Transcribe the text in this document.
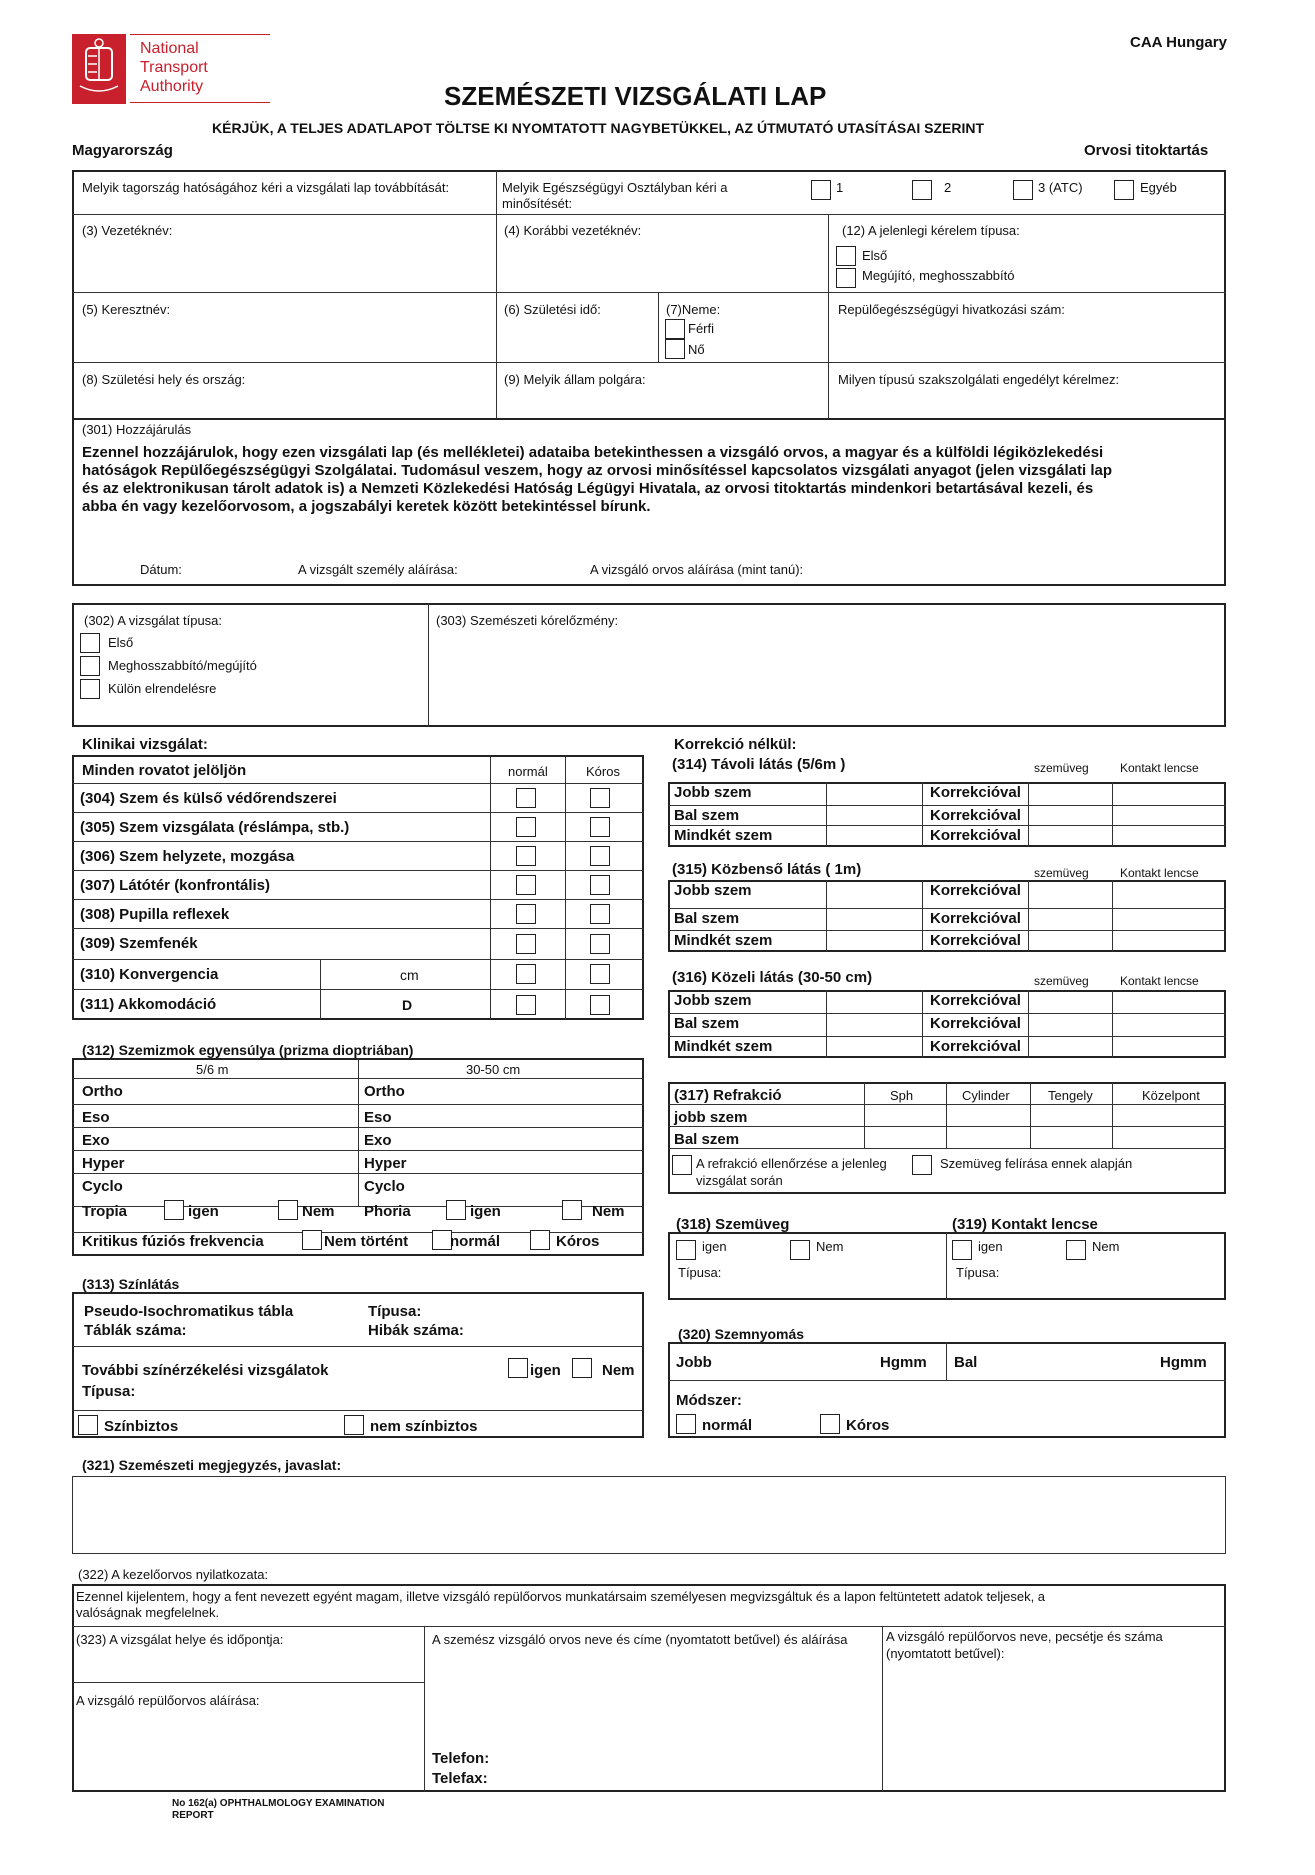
National
Transport
Authority
CAA Hungary
SZEMÉSZETI VIZSGÁLATI LAP
KÉRJÜK, A TELJES ADATLAPOT TÖLTSE KI NYOMTATOTT NAGYBETÜKKEL, AZ ÚTMUTATÓ UTASÍTÁSAI SZERINT
Magyarország	Orvosi titoktartás
Melyik tagország hatóságához kéri a vizsgálati lap továbbítását:	Melyik Egészségügyi Osztályban kéri a
minősítését:
1	2	3 (ATC)	Egyéb
(3) Vezetéknév:	(4) Korábbi vezetéknév:	(12) A jelenlegi kérelem típusa:
Első
Megújító, meghosszabbító
(5) Keresztnév:	(6) Születési idő:	(7)Neme:
Férfi
Nő
Repülőegészségügyi hivatkozási szám:
(8) Születési hely és ország:	(9) Melyik állam polgára:	Milyen típusú szakszolgálati engedélyt kérelmez:
(301) Hozzájárulás
Ezennel hozzájárulok, hogy ezen vizsgálati lap (és mellékletei) adataiba betekinthessen a vizsgáló orvos, a magyar és a külföldi légiközlekedési
hatóságok Repülőegészségügyi Szolgálatai. Tudomásul veszem, hogy az orvosi minősítéssel kapcsolatos vizsgálati anyagot (jelen vizsgálati lap
és az elektronikusan tárolt adatok is) a Nemzeti Közlekedési Hatóság Légügyi Hivatala, az orvosi titoktartás mindenkori betartásával kezeli, és
abba én vagy kezelőorvosom, a jogszabályi keretek között betekintéssel bírunk.
Dátum:	A vizsgált személy aláírása:	A vizsgáló orvos aláírása (mint tanú):
(302) A vizsgálat típusa:
Első
Meghosszabbító/megújító
Külön elrendelésre
(303) Szemészeti kórelőzmény:
Klinikai vizsgálat:
Minden rovatot jelöljön	normál	Kóros
(304) Szem és külső védőrendszerei
(305) Szem vizsgálata (réslámpa, stb.)
(306) Szem helyzete, mozgása
(307) Látótér (konfrontális)
(308) Pupilla reflexek
(309) Szemfenék
(310) Konvergencia
(311) Akkomodáció
cm
D
(312) Szemizmok egyensúlya (prizma dioptriában)
5/6 m	30-50 cm
Ortho	Ortho
Eso	Eso
Exo	Exo
Hyper	Hyper
Cyclo	Cyclo
Tropia	igen	Nem Phoria	igen	Nem
Kritikus fúziós frekvencia	Nem történt	normál	Kóros
(313) Színlátás
Pseudo-Isochromatikus tábla
Táblák száma:
Típusa:
Hibák száma:
További színérzékelési vizsgálatok
Típusa:
igen	Nem
Színbiztos	nem színbiztos
Korrekció nélkül:
(314) Távoli látás (5/6m )	szemüveg	Kontakt lencse
Jobb szem	Korrekcióval
Bal szem	Korrekcióval
Mindkét szem	Korrekcióval
(315) Közbenső látás ( 1m)	szemüveg	Kontakt lencse
Jobb szem	Korrekcióval
Bal szem	Korrekcióval
Mindkét szem	Korrekcióval
(316) Közeli látás (30-50 cm)	szemüveg	Kontakt lencse
Jobb szem	Korrekcióval
Bal szem	Korrekcióval
Mindkét szem	Korrekcióval
(317) Refrakció	Sph	Cylinder	Tengely	Közelpont
jobb szem
Bal szem
A refrakció ellenőrzése a jelenleg
vizsgálat során
Szemüveg felírása ennek alapján
(318) Szemüveg	(319) Kontakt lencse
igen	Nem
Típusa:
igen	Nem
Típusa:
(320) Szemnyomás
Jobb	Hgmm Bal	Hgmm
Módszer:
normál	Kóros
(321) Szemészeti megjegyzés, javaslat:
(322) A kezelőorvos nyilatkozata:
Ezennel kijelentem, hogy a fent nevezett egyént magam, illetve vizsgáló repülőorvos munkatársaim személyesen megvizsgáltuk és a lapon feltüntetett adatok teljesek, a
valóságnak megfelelnek.
(323) A vizsgálat helye és időpontja:	A szemész vizsgáló orvos neve és címe (nyomtatott betűvel) és aláírása	A vizsgáló repülőorvos neve, pecsétje és száma
(nyomtatott betűvel):
A vizsgáló repülőorvos aláírása:
Telefon:
Telefax:
No 162(a) OPHTHALMOLOGY EXAMINATION
REPORT
